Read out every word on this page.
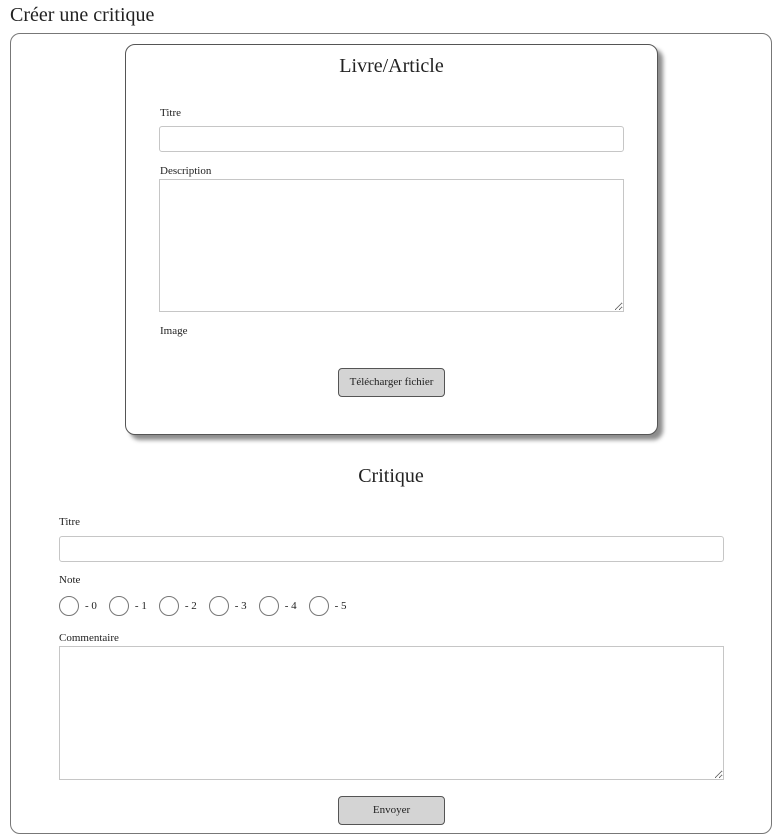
Créer une critique
Livre/Article
Titre
Description
Image
Télécharger fichier
Critique
Titre
Note
- 0	- 1	- 2	- 3	- 4	- 5
Commentaire
Envoyer
